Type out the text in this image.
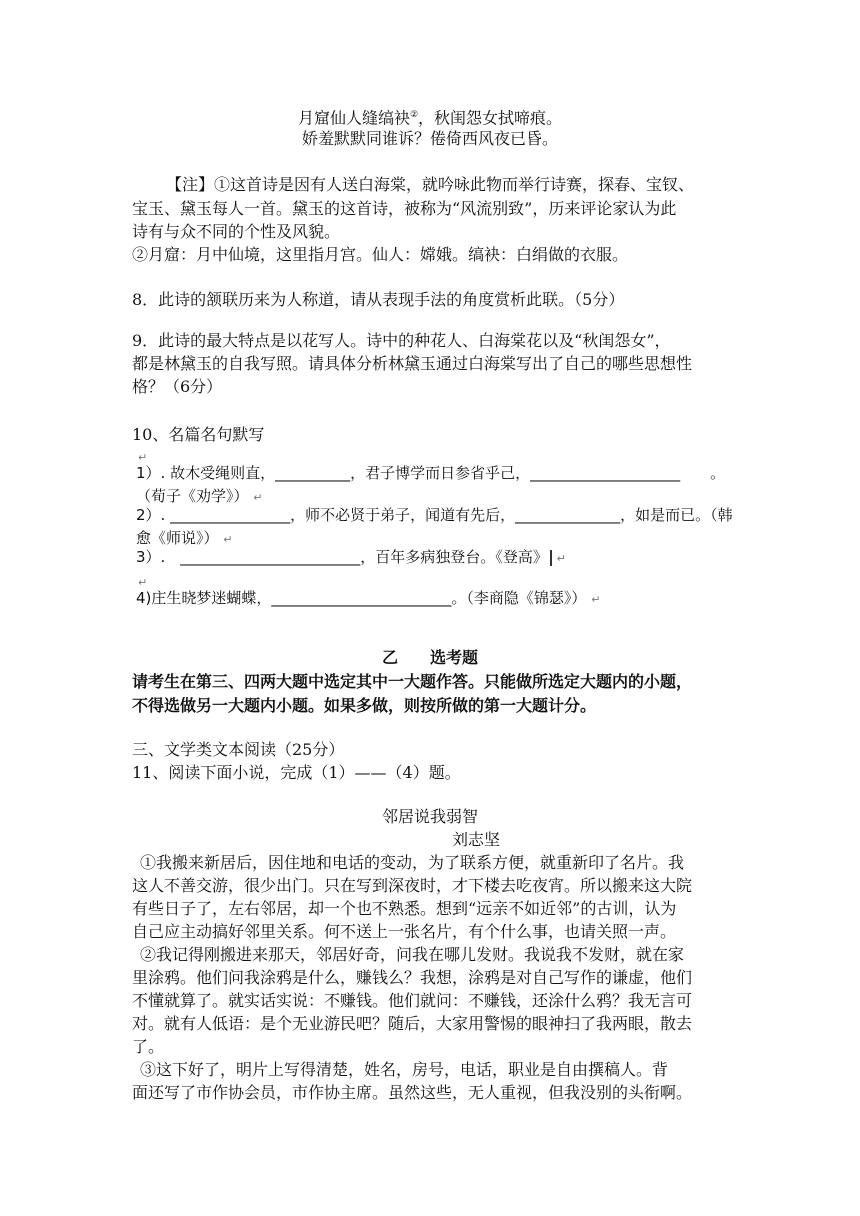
月窟仙人缝缟袂②，秋闺怨女拭啼痕。
娇羞默默同谁诉？倦倚西风夜已昏。
【注】①这首诗是因有人送白海棠，就吟咏此物而举行诗赛，探春、宝钗、
宝玉、黛玉每人一首。黛玉的这首诗，被称为“风流别致”，历来评论家认为此
诗有与众不同的个性及风貌。
②月窟：月中仙境，这里指月宫。仙人：嫦娥。缟袂：白绢做的衣服。
8．此诗的颔联历来为人称道，请从表现手法的角度赏析此联。（5分）
9．此诗的最大特点是以花写人。诗中的种花人、白海棠花以及“秋闺怨女”，
都是林黛玉的自我写照。请具体分析林黛玉通过白海棠写出了自己的哪些思想性
格？（6分）
10、名篇名句默写
↵
1）. 故木受绳则直，__________，君子博学而日参省乎己，____________________　　。
（荀子《劝学》） ↵
2）. ________________，师不必贤于弟子，闻道有先后，______________，如是而已。（韩
愈《师说》） ↵
3）.　________________________，百年多病独登台。《登高》 ↵
↵
4)庄生晓梦迷蝴蝶，________________________。（李商隐《锦瑟》） ↵
乙　　选考题
请考生在第三、四两大题中选定其中一大题作答。只能做所选定大题内的小题，
不得选做另一大题内小题。如果多做，则按所做的第一大题计分。
三、文学类文本阅读（25分）
11、阅读下面小说，完成（1）——（4）题。
邻居说我弱智
刘志坚
①我搬来新居后，因住地和电话的变动，为了联系方便，就重新印了名片。我
这人不善交游，很少出门。只在写到深夜时，才下楼去吃夜宵。所以搬来这大院
有些日子了，左右邻居，却一个也不熟悉。想到“远亲不如近邻”的古训，认为
自己应主动搞好邻里关系。何不送上一张名片，有个什么事，也请关照一声。
②我记得刚搬进来那天，邻居好奇，问我在哪儿发财。我说我不发财，就在家
里涂鸦。他们问我涂鸦是什么，赚钱么？我想，涂鸦是对自己写作的谦虚，他们
不懂就算了。就实话实说：不赚钱。他们就问：不赚钱，还涂什么鸦？我无言可
对。就有人低语：是个无业游民吧？随后，大家用警惕的眼神扫了我两眼，散去
了。
③这下好了，明片上写得清楚，姓名，房号，电话，职业是自由撰稿人。背
面还写了市作协会员，市作协主席。虽然这些，无人重视，但我没别的头衔啊。
